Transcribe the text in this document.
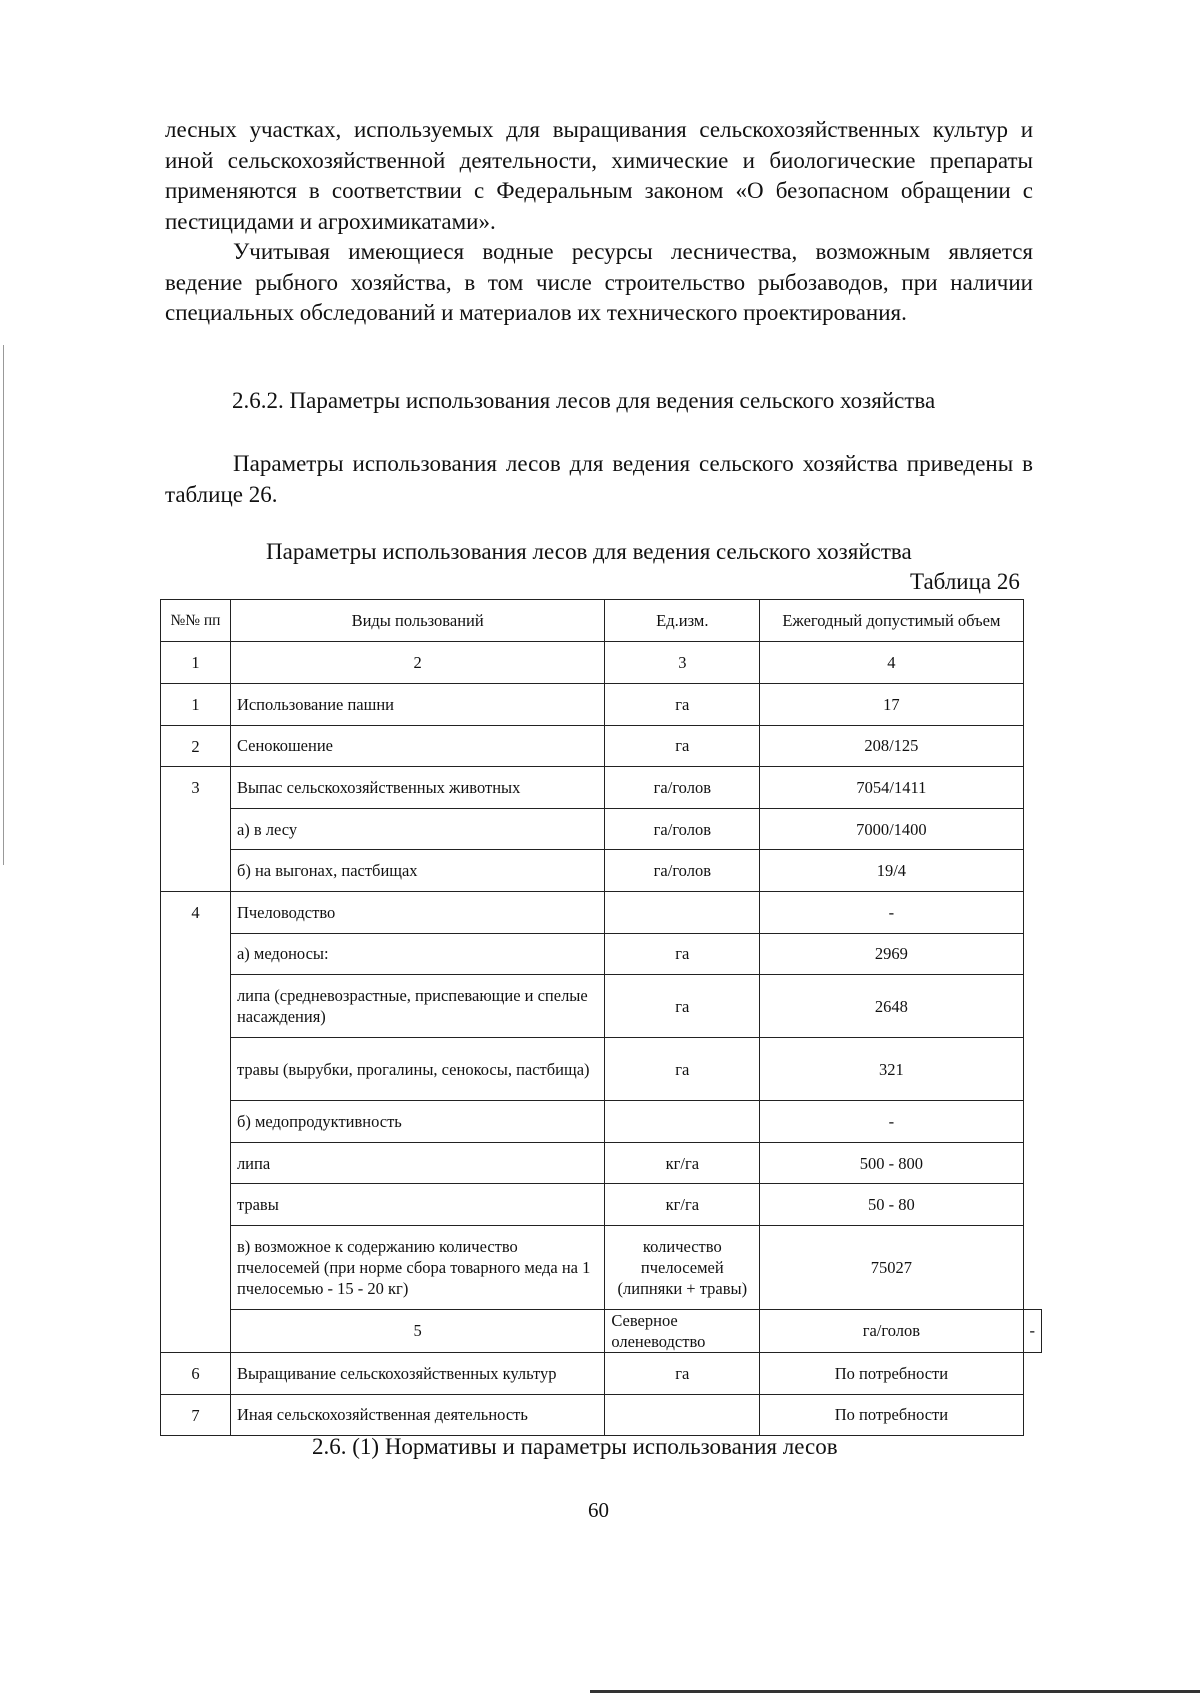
лесных участках, используемых для выращивания сельскохозяйственных культур и иной сельскохозяйственной деятельности, химические и биологические препараты применяются в соответствии с Федеральным законом «О безопасном обращении с пестицидами и агрохимикатами».

Учитывая имеющиеся водные ресурсы лесничества, возможным является ведение рыбного хозяйства, в том числе строительство рыбозаводов, при наличии специальных обследований и материалов их технического проектирования.

2.6.2. Параметры использования лесов для ведения сельского хозяйства

Параметры использования лесов для ведения сельского хозяйства приведены в таблице 26.

Параметры использования лесов для ведения сельского хозяйства

Таблица 26

№№ пп	Виды пользований	Ед.изм.	Ежегодный допустимый объем	
1	2	3	4	
1	Использование пашни	га	17	
2	Сенокошение	га	208/125	
3	Выпас сельскохозяйственных животных	га/голов	7054/1411	
	а) в лесу	га/голов	7000/1400	
	б) на выгонах, пастбищах	га/голов	19/4	
4	Пчеловодство		-	
	а) медоносы:	га	2969	
	липа (средневозрастные, приспевающие и спелые насаждения)	га	2648	
	травы (вырубки, прогалины, сенокосы, пастбища)	га	321	
	б) медопродуктивность		-	
	липа	кг/га	500 - 800	
	травы	кг/га	50 - 80	
	в) возможное к содержанию количество пчелосемей (при норме сбора товарного меда на 1 пчелосемью - 15 - 20 кг)	количество пчелосемей (липняки + травы)	75027	
	5	Северное оленеводство	га/голов	-
6	Выращивание сельскохозяйственных культур	га	По потребности	
7	Иная сельскохозяйственная деятельность		По потребности	

2.6. (1) Нормативы и параметры использования лесов

60
